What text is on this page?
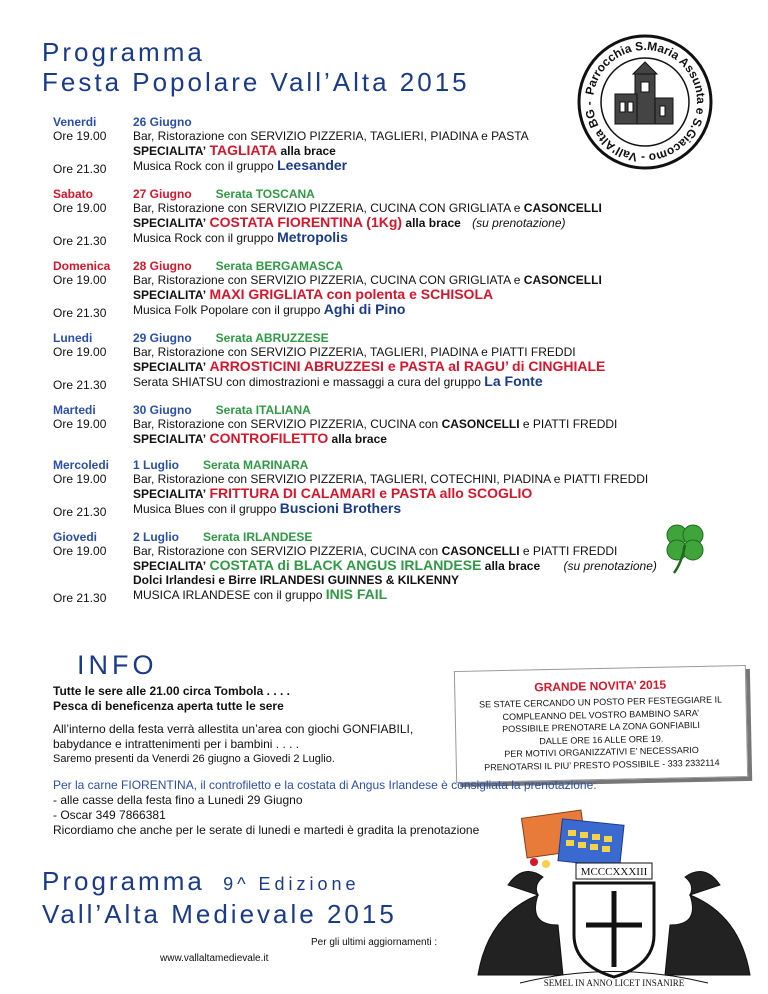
Programma
Festa Popolare Vall’Alta 2015	Parrocchia S.Maria Assunta e S.Giacomo - Vall'Alta BG -
Venerdi
Ore 19.00
Ore 21.30
26 Giugno
Bar, Ristorazione con SERVIZIO PIZZERIA, TAGLIERI, PIADINA e PASTA
SPECIALITA’ TAGLIATA alla brace
Musica Rock con il gruppo Leesander
Sabato
Ore 19.00
Ore 21.30
27 Giugno Serata TOSCANA
Bar, Ristorazione con SERVIZIO PIZZERIA, CUCINA CON GRIGLIATA e CASONCELLI
SPECIALITA’ COSTATA FIORENTINA (1Kg) alla brace (su prenotazione)
Musica Rock con il gruppo Metropolis
Domenica
Ore 19.00
Ore 21.30
28 Giugno Serata BERGAMASCA
Bar, Ristorazione con SERVIZIO PIZZERIA, CUCINA CON GRIGLIATA e CASONCELLI
SPECIALITA’ MAXI GRIGLIATA con polenta e SCHISOLA
Musica Folk Popolare con il gruppo Aghi di Pino
Lunedi
Ore 19.00
Ore 21.30
29 Giugno Serata ABRUZZESE
Bar, Ristorazione con SERVIZIO PIZZERIA, TAGLIERI, PIADINA e PIATTI FREDDI
SPECIALITA’ ARROSTICINI ABRUZZESI e PASTA al RAGU’ di CINGHIALE
Serata SHIATSU con dimostrazioni e massaggi a cura del gruppo La Fonte
Martedi
Ore 19.00
30 Giugno Serata ITALIANA
Bar, Ristorazione con SERVIZIO PIZZERIA, CUCINA con CASONCELLI e PIATTI FREDDI
SPECIALITA’ CONTROFILETTO alla brace
Mercoledi
Ore 19.00
Ore 21.30
1 Luglio Serata MARINARA
Bar, Ristorazione con SERVIZIO PIZZERIA, TAGLIERI, COTECHINI, PIADINA e PIATTI FREDDI
SPECIALITA’ FRITTURA DI CALAMARI e PASTA allo SCOGLIO
Musica Blues con il gruppo Buscioni Brothers
Giovedi
Ore 19.00
Ore 21.30
2 Luglio Serata IRLANDESE
Bar, Ristorazione con SERVIZIO PIZZERIA, CUCINA con CASONCELLI e PIATTI FREDDI
SPECIALITA’ COSTATA di BLACK ANGUS IRLANDESE alla brace (su prenotazione)
Dolci Irlandesi e Birre IRLANDESI GUINNES & KILKENNY
MUSICA IRLANDESE con il gruppo INIS FAIL
INFO
Tutte le sere alle 21.00 circa Tombola . . . .
Pesca di beneficenza aperta tutte le sere
All’interno della festa verrà allestita un’area con giochi GONFIABILI,
babydance e intrattenimenti per i bambini . . . .
Saremo presenti da Venerdi 26 giugno a Giovedi 2 Luglio.
GRANDE NOVITA’ 2015
SE STATE CERCANDO UN POSTO PER FESTEGGIARE IL
COMPLEANNO DEL VOSTRO BAMBINO SARA’
POSSIBILE PRENOTARE LA ZONA GONFIABILI
DALLE ORE 16 ALLE ORE 19.
PER MOTIVI ORGANIZZATIVI E’ NECESSARIO
PRENOTARSI IL PIU’ PRESTO POSSIBILE - 333 2332114
Per la carne FIORENTINA, il controfiletto e la costata di Angus Irlandese è consigliata la prenotazione:
- alle casse della festa fino a Lunedi 29 Giugno
- Oscar 349 7866381
Ricordiamo che anche per le serate di lunedi e martedi è gradita la prenotazione
Programma 9^ Edizione
Vall’Alta Medievale 2015
Per gli ultimi aggiornamenti :
www.vallaltamedievale.it
MCCCXXXIII
SEMEL IN ANNO LICET INSANIRE
